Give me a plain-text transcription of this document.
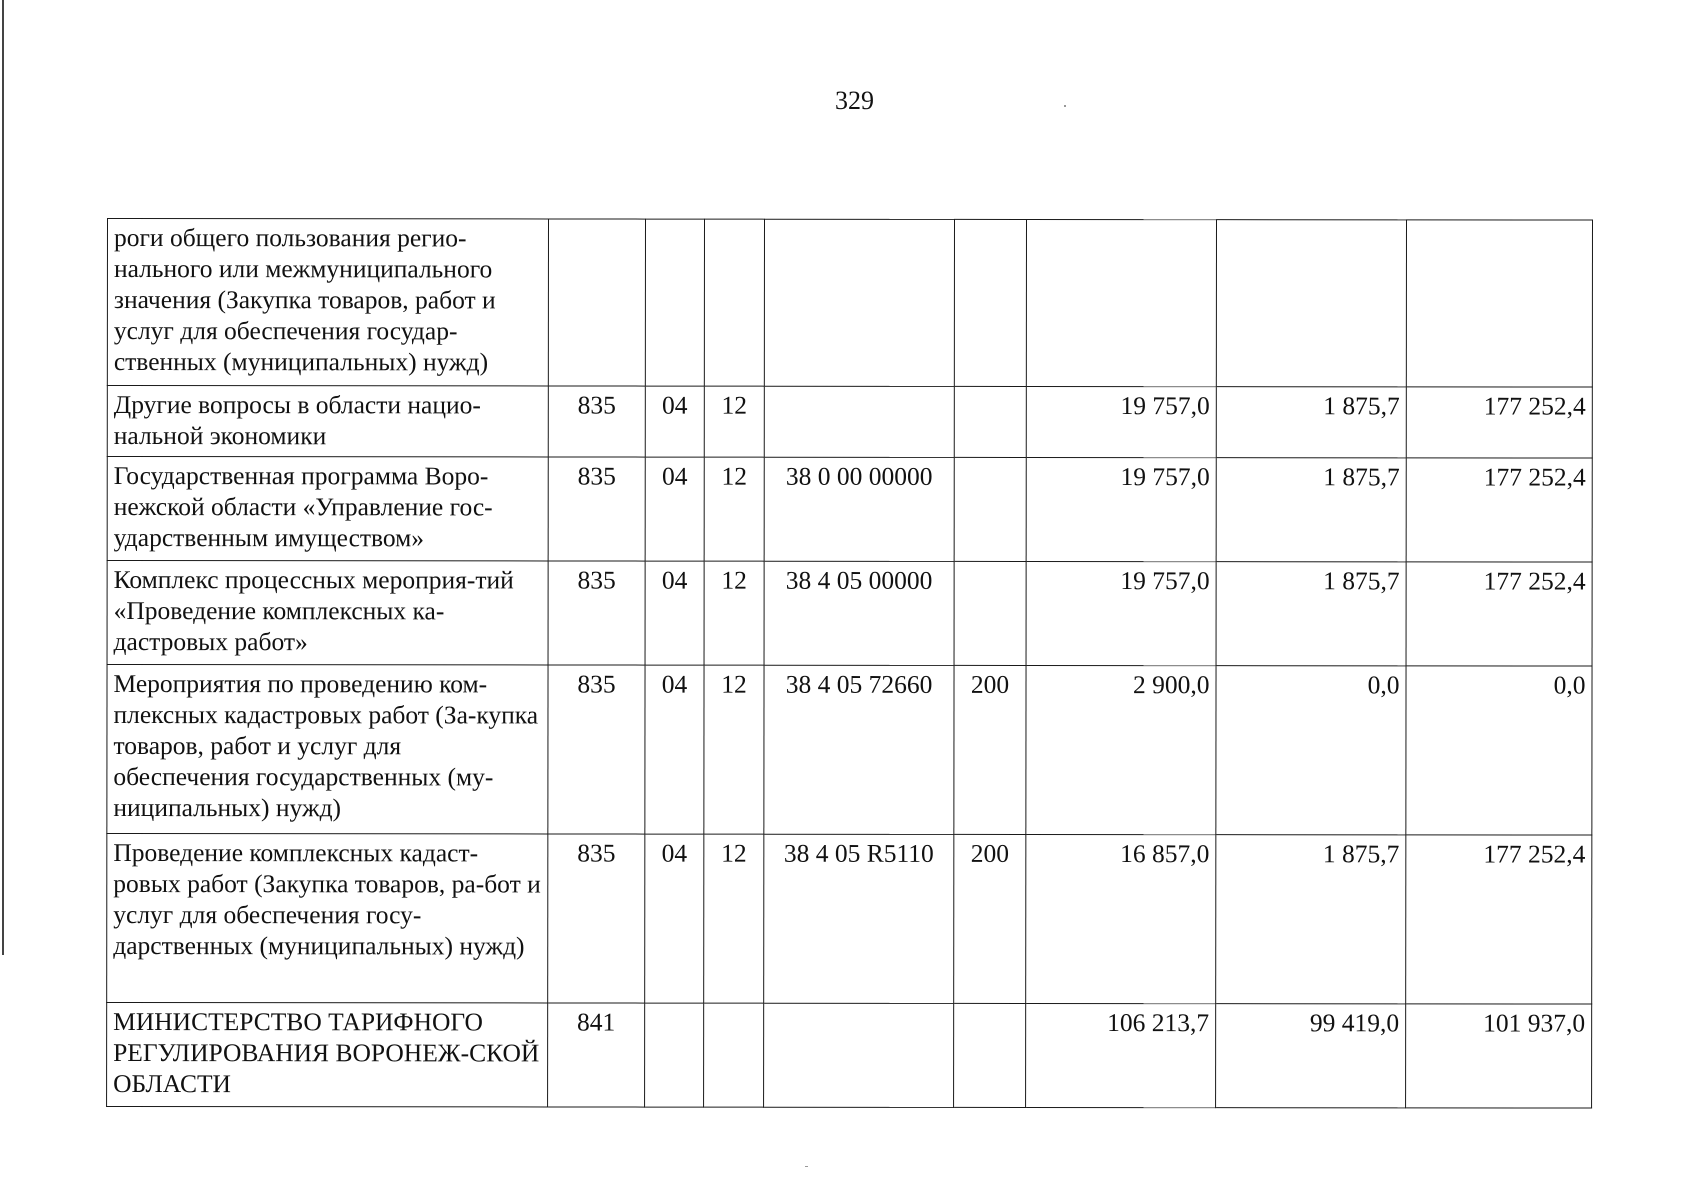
329
роги общего пользования регио-нального или межмуниципального значения (Закупка товаров, работ и услуг для обеспечения государ-ственных (муниципальных) нужд)								
Другие вопросы в области нацио-нальной экономики	835	04	12			19 757,0	1 875,7	177 252,4
Государственная программа Воро-нежской области «Управление гос-ударственным имуществом»	835	04	12	38 0 00 00000		19 757,0	1 875,7	177 252,4
Комплекс процессных мероприя-тий «Проведение комплексных ка-дастровых работ»	835	04	12	38 4 05 00000		19 757,0	1 875,7	177 252,4
Мероприятия по проведению ком-плексных кадастровых работ (За-купка товаров, работ и услуг для обеспечения государственных (му-ниципальных) нужд)	835	04	12	38 4 05 72660	200	2 900,0	0,0	0,0
Проведение комплексных кадаст-ровых работ (Закупка товаров, ра-бот и услуг для обеспечения госу-дарственных (муниципальных) нужд)	835	04	12	38 4 05 R5110	200	16 857,0	1 875,7	177 252,4
МИНИСТЕРСТВО ТАРИФНОГО РЕГУЛИРОВАНИЯ ВОРОНЕЖ-СКОЙ ОБЛАСТИ	841					106 213,7	99 419,0	101 937,0
